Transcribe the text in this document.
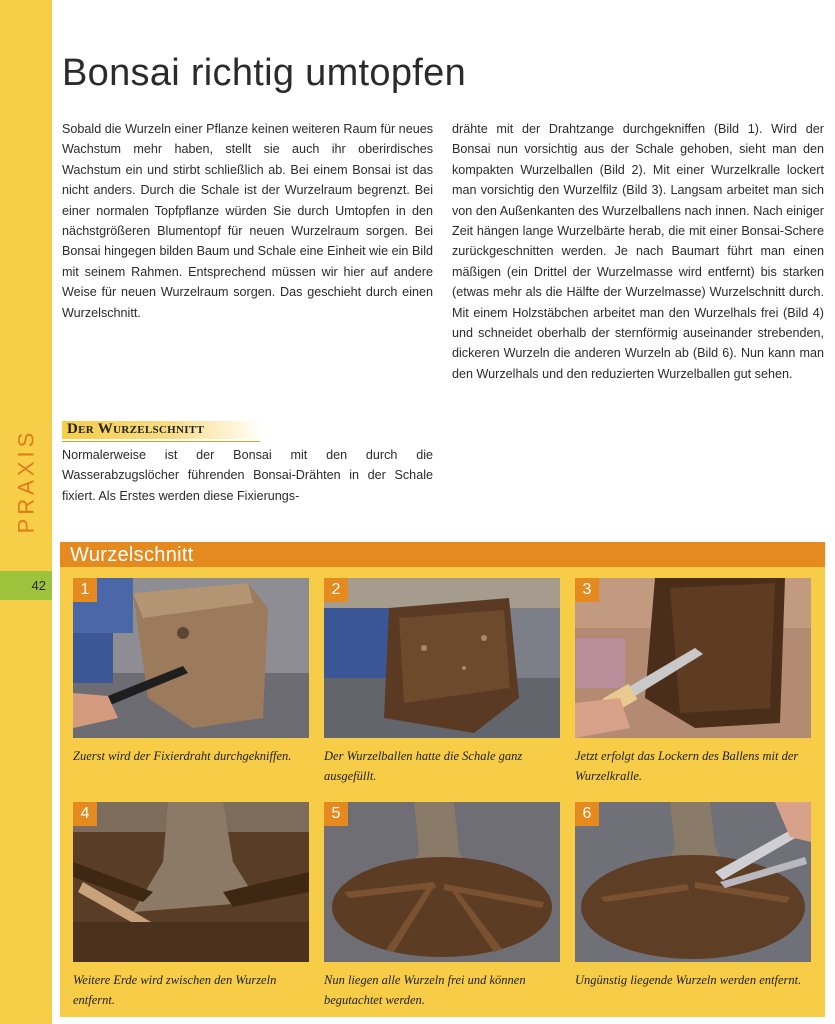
PRAXIS
42
Bonsai richtig umtopfen

Sobald die Wurzeln einer Pflanze keinen weiteren Raum für neues Wachstum mehr haben, stellt sie auch ihr oberirdisches Wachstum ein und stirbt schließlich ab. Bei einem Bonsai ist das nicht anders. Durch die Schale ist der Wurzelraum begrenzt. Bei einer normalen Topfpflanze würden Sie durch Umtopfen in den nächstgrößeren Blumentopf für neuen Wurzelraum sorgen. Bei Bonsai hingegen bilden Baum und Schale eine Einheit wie ein Bild mit seinem Rahmen. Entsprechend müssen wir hier auf andere Weise für neuen Wurzelraum sorgen. Das geschieht durch einen Wurzelschnitt.

Der Wurzelschnitt

Normalerweise ist der Bonsai mit den durch die Wasserabzugslöcher führenden Bonsai-Drähten in der Schale fixiert. Als Erstes werden diese Fixierungs-

drähte mit der Drahtzange durchgekniffen (Bild 1). Wird der Bonsai nun vorsichtig aus der Schale gehoben, sieht man den kompakten Wurzelballen (Bild 2). Mit einer Wurzelkralle lockert man vorsichtig den Wurzelfilz (Bild 3). Langsam arbeitet man sich von den Außenkanten des Wurzelballens nach innen. Nach einiger Zeit hängen lange Wurzelbärte herab, die mit einer Bonsai-Schere zurückgeschnitten werden. Je nach Baumart führt man einen mäßigen (ein Drittel der Wurzelmasse wird entfernt) bis starken (etwas mehr als die Hälfte der Wurzelmasse) Wurzelschnitt durch. Mit einem Holzstäbchen arbeitet man den Wurzelhals frei (Bild 4) und schneidet oberhalb der sternförmig auseinander strebenden, dickeren Wurzeln die anderen Wurzeln ab (Bild 6). Nun kann man den Wurzelhals und den reduzierten Wurzelballen gut sehen.

Wurzelschnitt
1
Zuerst wird der Fixierdraht durchgekniffen.
2
Der Wurzelballen hatte die Schale ganz ausgefüllt.
3
Jetzt erfolgt das Lockern des Ballens mit der Wurzelkralle.
4
Weitere Erde wird zwischen den Wurzeln entfernt.
5
Nun liegen alle Wurzeln frei und können begutachtet werden.
6
Ungünstig liegende Wurzeln werden entfernt.
